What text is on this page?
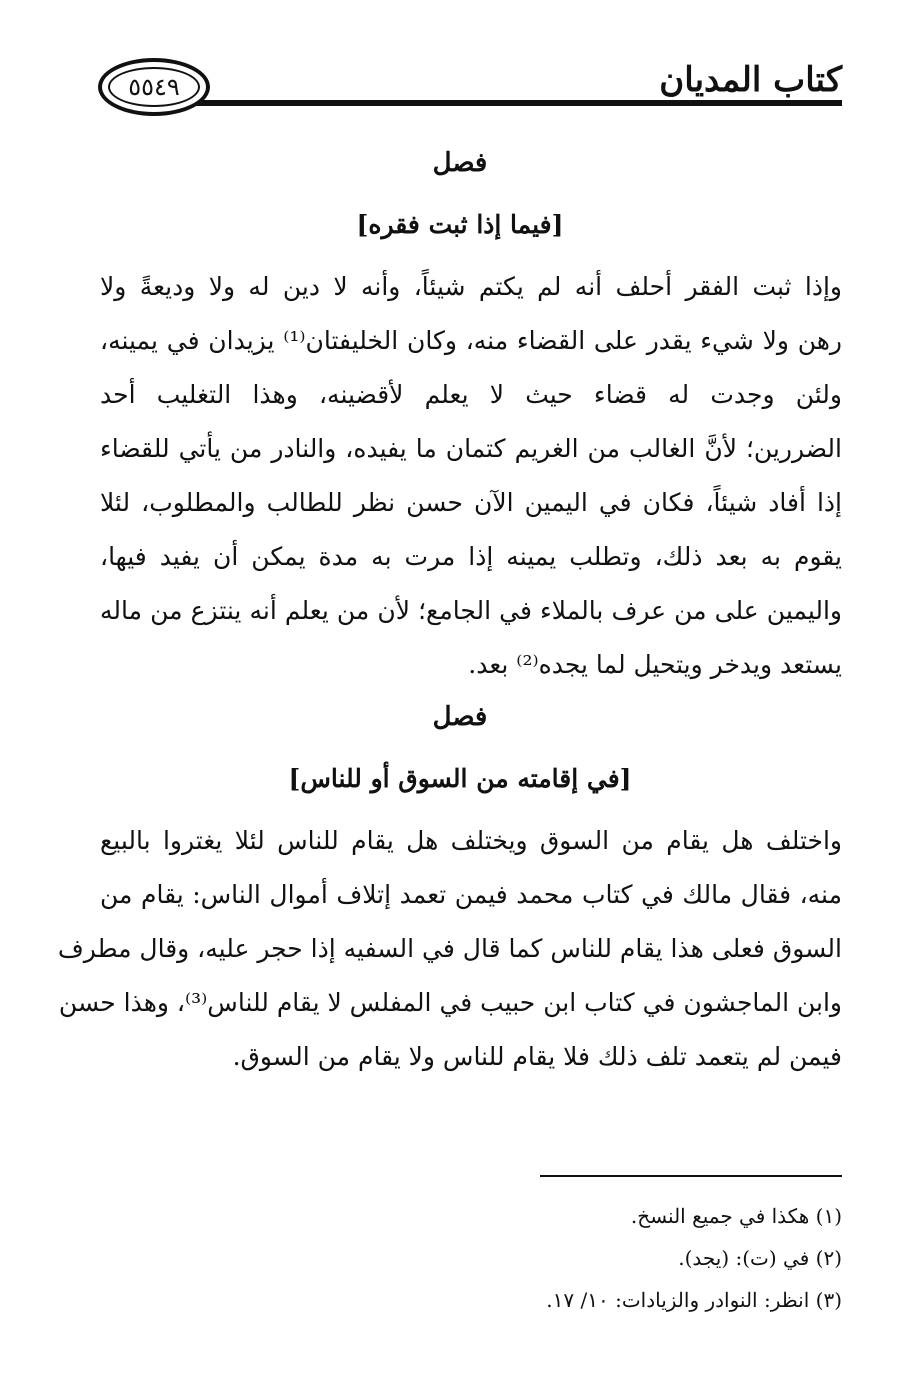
كتاب المديان
٥٥٤٩
فصل
[فيما إذا ثبت فقره]
وإذا ثبت الفقر أحلف أنه لم يكتم شيئاً، وأنه لا دين له ولا وديعةً ولا
رهن ولا شيء يقدر على القضاء منه، وكان الخليفتان⁽¹⁾ يزيدان في يمينه،
ولئن وجدت له قضاء حيث لا يعلم لأقضينه، وهذا التغليب أحد
الضررين؛ لأنَّ الغالب من الغريم كتمان ما يفيده، والنادر من يأتي للقضاء
إذا أفاد شيئاً، فكان في اليمين الآن حسن نظر للطالب والمطلوب، لئلا
يقوم به بعد ذلك، وتطلب يمينه إذا مرت به مدة يمكن أن يفيد فيها،
واليمين على من عرف بالملاء في الجامع؛ لأن من يعلم أنه ينتزع من ماله
يستعد ويدخر ويتحيل لما يجده⁽²⁾ بعد.
فصل
[في إقامته من السوق أو للناس]
واختلف هل يقام من السوق ويختلف هل يقام للناس لئلا يغتروا بالبيع
منه، فقال مالك في كتاب محمد فيمن تعمد إتلاف أموال الناس: يقام من
السوق فعلى هذا يقام للناس كما قال في السفيه إذا حجر عليه، وقال مطرف
وابن الماجشون في كتاب ابن حبيب في المفلس لا يقام للناس⁽³⁾، وهذا حسن
فيمن لم يتعمد تلف ذلك فلا يقام للناس ولا يقام من السوق.
(١) هكذا في جميع النسخ.
(٢) في (ت): (يجد).
(٣) انظر: النوادر والزيادات: ١٠/ ١٧.
